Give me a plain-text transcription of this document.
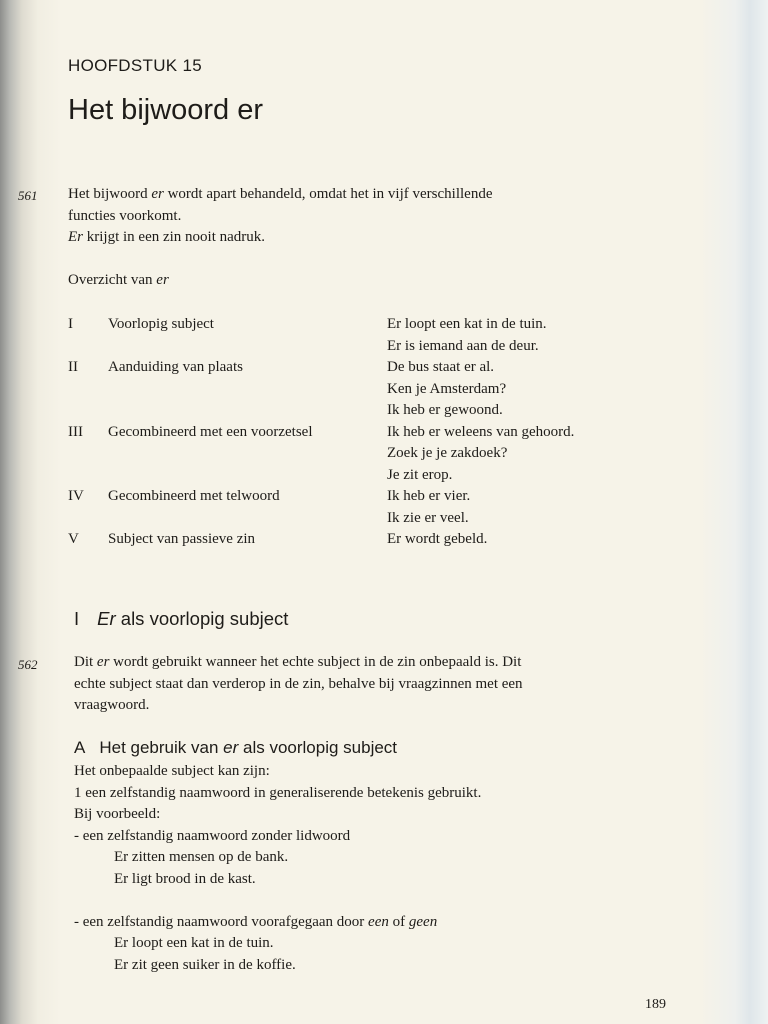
HOOFDSTUK 15
Het bijwoord er
561 Het bijwoord er wordt apart behandeld, omdat het in vijf verschillende
functies voorkomt.
Er krijgt in een zin nooit nadruk.
Overzicht van er
I Voorlopig subject	Er loopt een kat in de tuin.
Er is iemand aan de deur.
II Aanduiding van plaats	De bus staat er al.
Ken je Amsterdam?
Ik heb er gewoond.
III Gecombineerd met een voorzetsel	Ik heb er weleens van gehoord.
Zoek je je zakdoek?
Je zit erop.
IV Gecombineerd met telwoord	Ik heb er vier.
Ik zie er veel.
V Subject van passieve zin	Er wordt gebeld.
I Er als voorlopig subject
562 Dit er wordt gebruikt wanneer het echte subject in de zin onbepaald is. Dit
echte subject staat dan verderop in de zin, behalve bij vraagzinnen met een
vraagwoord.
A Het gebruik van er als voorlopig subject
Het onbepaalde subject kan zijn:
1 een zelfstandig naamwoord in generaliserende betekenis gebruikt.
Bij voorbeeld:
- een zelfstandig naamwoord zonder lidwoord
Er zitten mensen op de bank.
Er ligt brood in de kast.
- een zelfstandig naamwoord voorafgegaan door een of geen
Er loopt een kat in de tuin.
Er zit geen suiker in de koffie.
189
